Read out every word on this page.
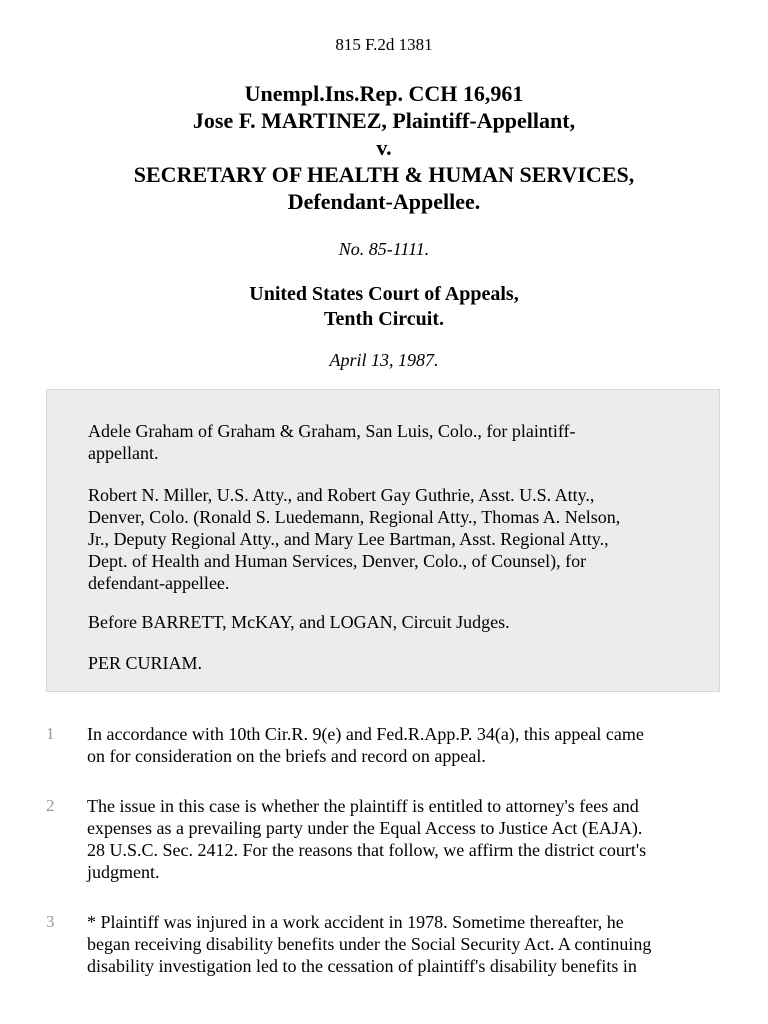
815 F.2d 1381
Unempl.Ins.Rep. CCH 16,961
Jose F. MARTINEZ, Plaintiff-Appellant,
v.
SECRETARY OF HEALTH & HUMAN SERVICES,
Defendant-Appellee.
No. 85-1111.
United States Court of Appeals,
Tenth Circuit.
April 13, 1987.

Adele Graham of Graham & Graham, San Luis, Colo., for plaintiff-
appellant.

Robert N. Miller, U.S. Atty., and Robert Gay Guthrie, Asst. U.S. Atty.,
Denver, Colo. (Ronald S. Luedemann, Regional Atty., Thomas A. Nelson,
Jr., Deputy Regional Atty., and Mary Lee Bartman, Asst. Regional Atty.,
Dept. of Health and Human Services, Denver, Colo., of Counsel), for
defendant-appellee.

Before BARRETT, McKAY, and LOGAN, Circuit Judges.

PER CURIAM.

1 In accordance with 10th Cir.R. 9(e) and Fed.R.App.P. 34(a), this appeal came
on for consideration on the briefs and record on appeal.

2 The issue in this case is whether the plaintiff is entitled to attorney's fees and
expenses as a prevailing party under the Equal Access to Justice Act (EAJA).
28 U.S.C. Sec. 2412. For the reasons that follow, we affirm the district court's
judgment.

3 * Plaintiff was injured in a work accident in 1978. Sometime thereafter, he
began receiving disability benefits under the Social Security Act. A continuing
disability investigation led to the cessation of plaintiff's disability benefits in
